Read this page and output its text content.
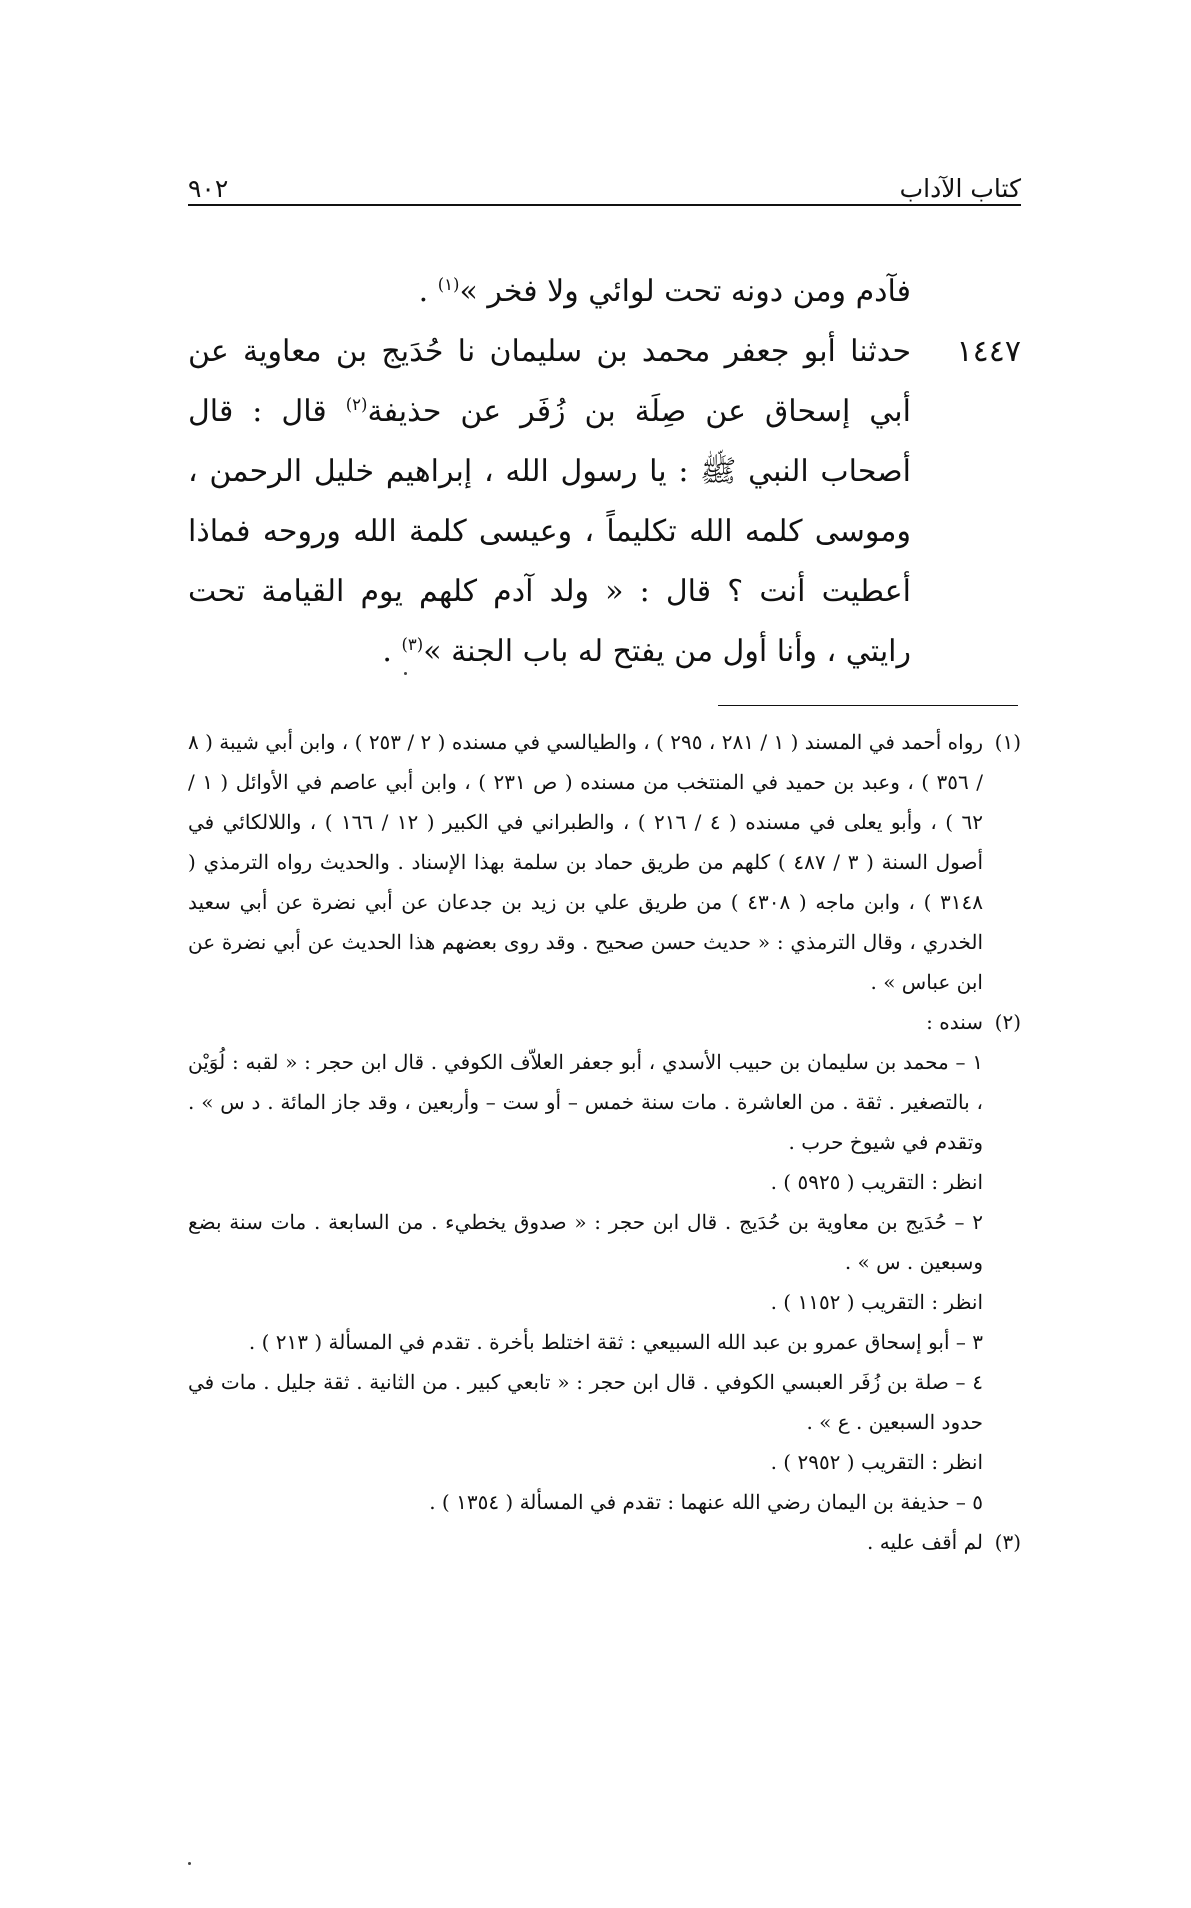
كتاب الآداب
٩٠٢
فآدم ومن دونه تحت لوائي ولا فخر »$^{(١)}$ .
١٤٤٧
حدثنا أبو جعفر محمد بن سليمان نا حُدَيج بن معاوية عن أبي إسحاق عن صِلَة بن زُفَر عن حذيفة$^{(٢)}$ قال : قال أصحاب النبي ﷺ : يا رسول الله ، إبراهيم خليل الرحمن ، وموسى كلمه الله تكليماً ، وعيسى كلمة الله وروحه فماذا أعطيت أنت ؟ قال : « ولد آدم كلهم يوم القيامة تحت رايتي ، وأنا أول من يفتح له باب الجنة »$^{(٣)}$ .
(١)
رواه أحمد في المسند ( ١ / ٢٨١ ، ٢٩٥ ) ، والطيالسي في مسنده ( ٢ / ٢٥٣ ) ، وابن أبي شيبة ( ٨ / ٣٥٦ ) ، وعبد بن حميد في المنتخب من مسنده ( ص ٢٣١ ) ، وابن أبي عاصم في الأوائل ( ١ / ٦٢ ) ، وأبو يعلى في مسنده ( ٤ / ٢١٦ ) ، والطبراني في الكبير ( ١٢ / ١٦٦ ) ، واللالكائي في أصول السنة ( ٣ / ٤٨٧ ) كلهم من طريق حماد بن سلمة بهذا الإسناد . والحديث رواه الترمذي ( ٣١٤٨ ) ، وابن ماجه ( ٤٣٠٨ ) من طريق علي بن زيد بن جدعان عن أبي نضرة عن أبي سعيد الخدري ، وقال الترمذي : « حديث حسن صحيح . وقد روى بعضهم هذا الحديث عن أبي نضرة عن ابن عباس » .
(٢)
سنده :
١ – محمد بن سليمان بن حبيب الأسدي ، أبو جعفر العلاّف الكوفي . قال ابن حجر : « لقبه : لُوَيْن ، بالتصغير . ثقة . من العاشرة . مات سنة خمس – أو ست – وأربعين ، وقد جاز المائة . د س » . وتقدم في شيوخ حرب .
انظر : التقريب ( ٥٩٢٥ ) .
٢ – حُدَيج بن معاوية بن حُدَيج . قال ابن حجر : « صدوق يخطيء . من السابعة . مات سنة بضع وسبعين . س » .
انظر : التقريب ( ١١٥٢ ) .
٣ – أبو إسحاق عمرو بن عبد الله السبيعي : ثقة اختلط بأخرة . تقدم في المسألة ( ٢١٣ ) .
٤ – صلة بن زُفَر العبسي الكوفي . قال ابن حجر : « تابعي كبير . من الثانية . ثقة جليل . مات في حدود السبعين . ع » .
انظر : التقريب ( ٢٩٥٢ ) .
٥ – حذيفة بن اليمان رضي الله عنهما : تقدم في المسألة ( ١٣٥٤ ) .
(٣)
لم أقف عليه .
